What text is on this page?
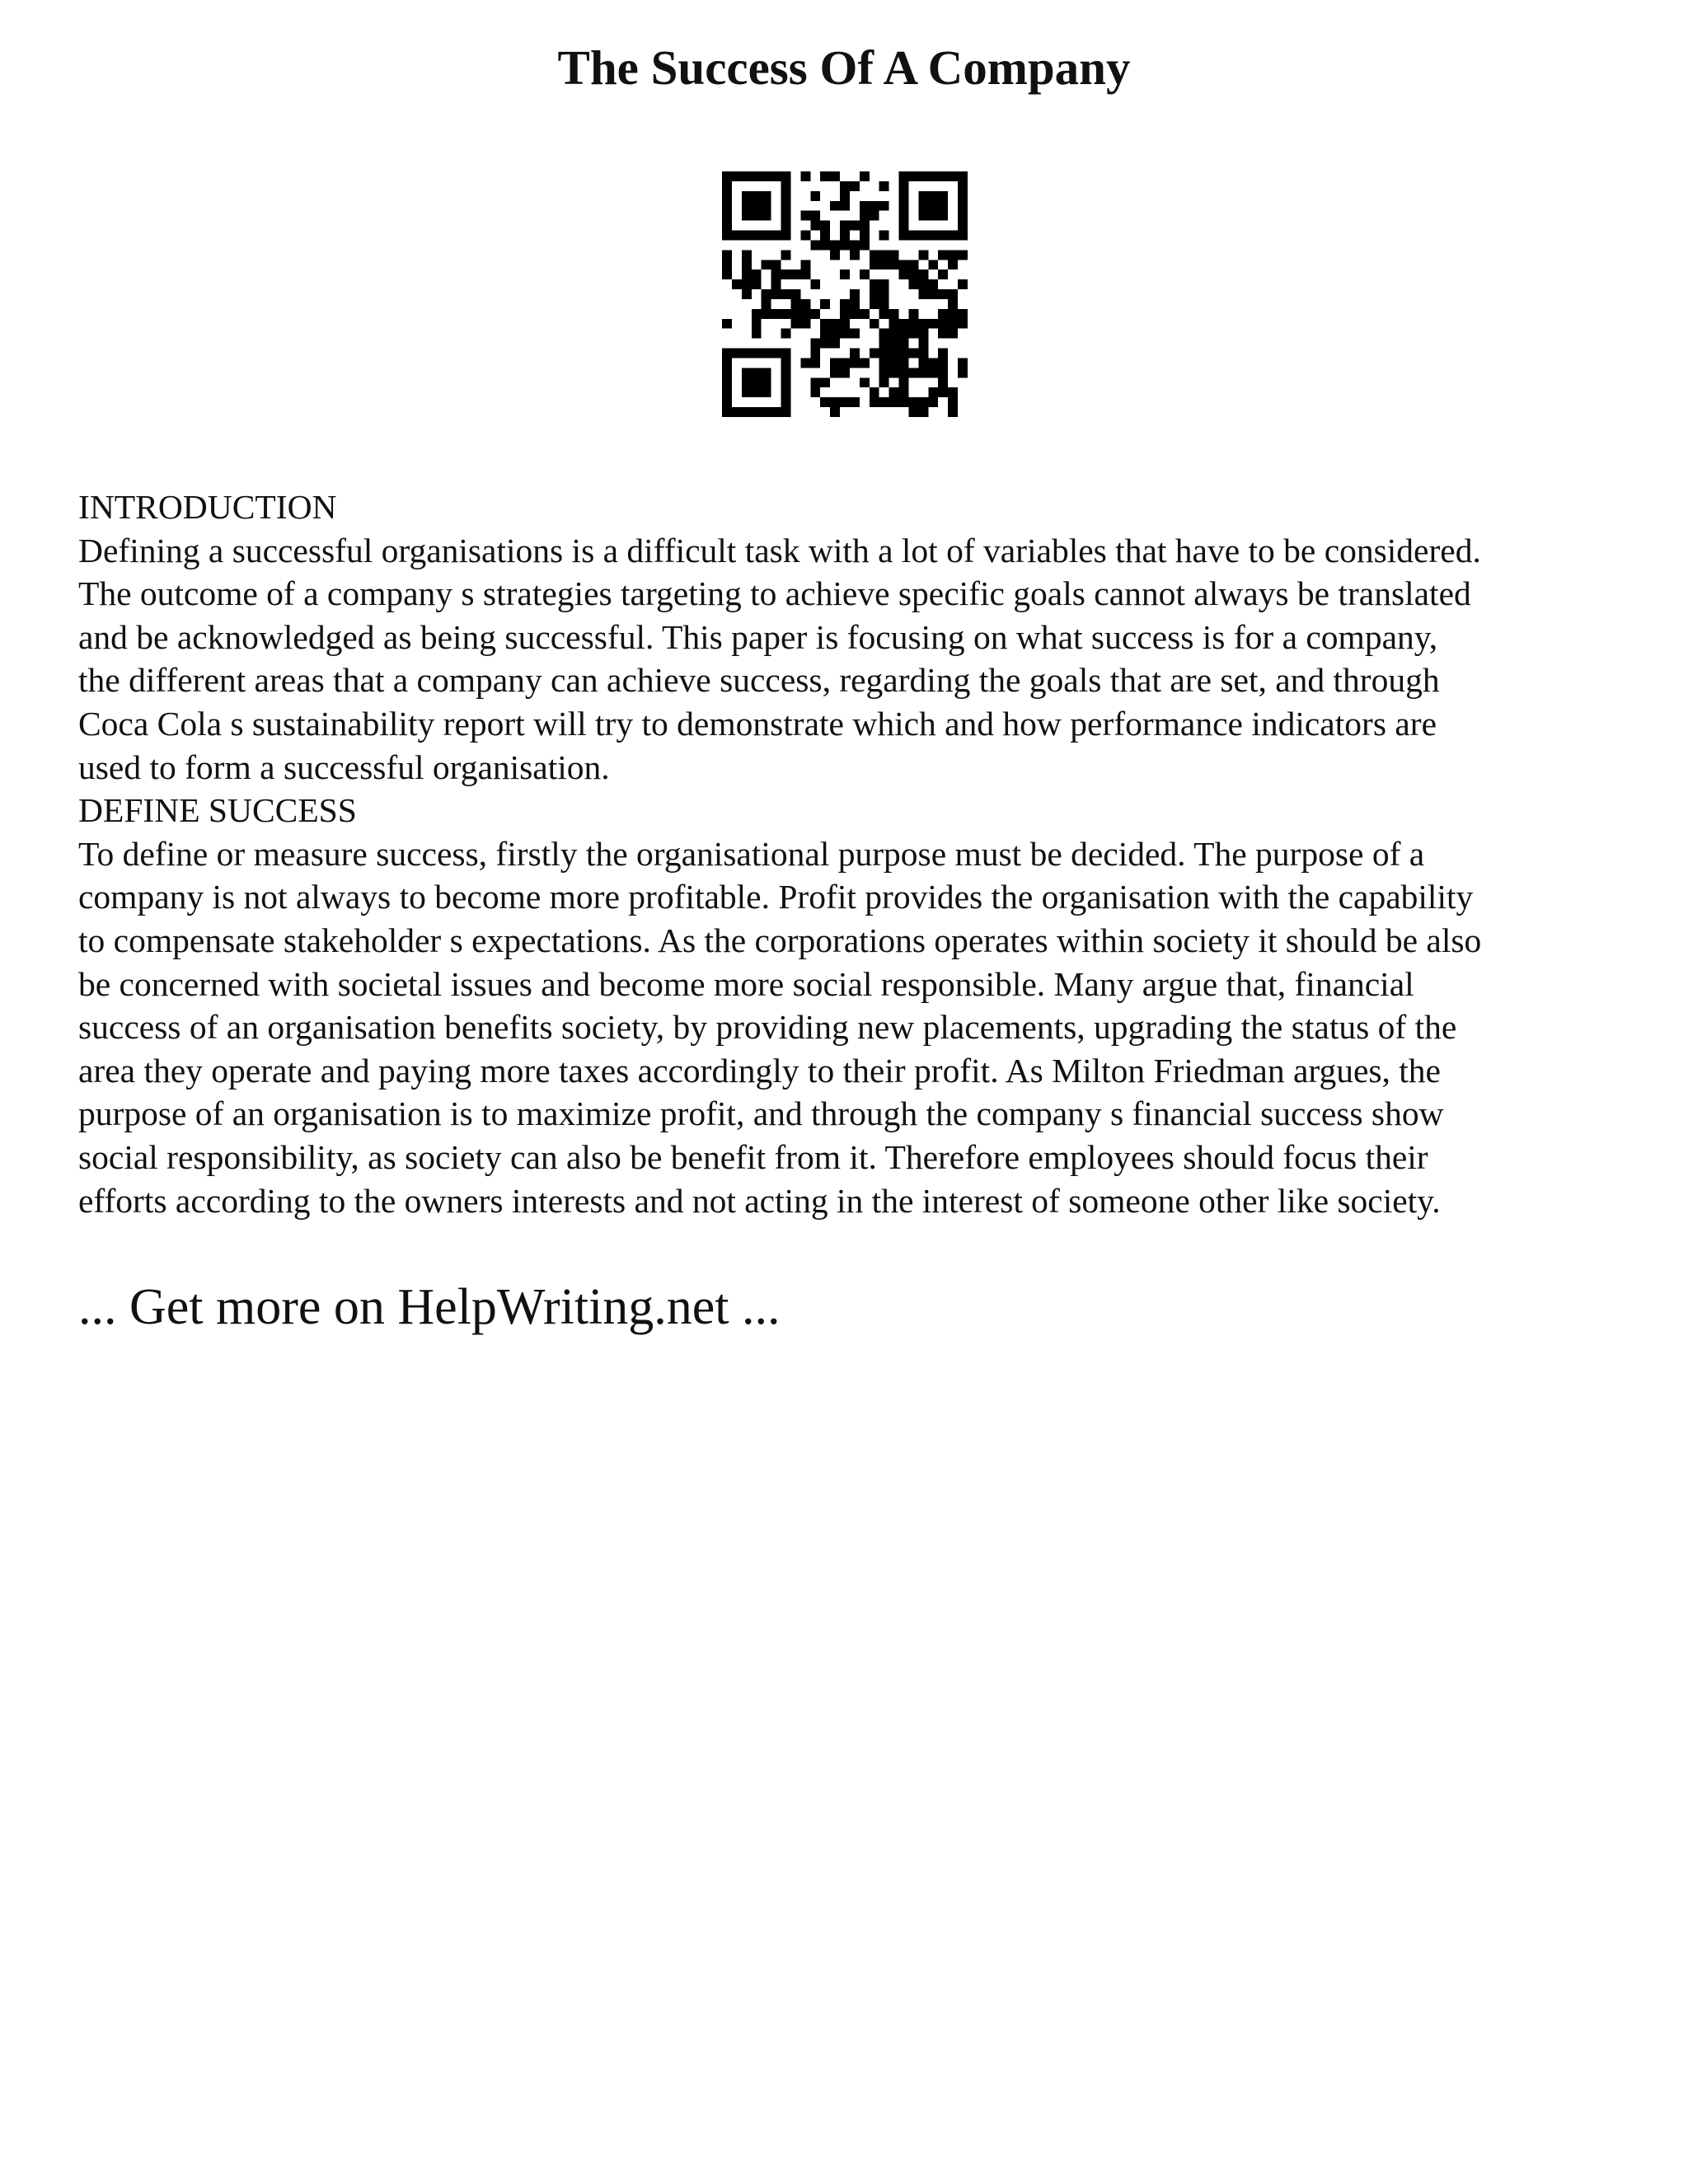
The Success Of A Company
INTRODUCTION
Defining a successful organisations is a difficult task with a lot of variables that have to be considered.
The outcome of a company s strategies targeting to achieve specific goals cannot always be translated
and be acknowledged as being successful. This paper is focusing on what success is for a company,
the different areas that a company can achieve success, regarding the goals that are set, and through
Coca Cola s sustainability report will try to demonstrate which and how performance indicators are
used to form a successful organisation.
DEFINE SUCCESS
To define or measure success, firstly the organisational purpose must be decided. The purpose of a
company is not always to become more profitable. Profit provides the organisation with the capability
to compensate stakeholder s expectations. As the corporations operates within society it should be also
be concerned with societal issues and become more social responsible. Many argue that, financial
success of an organisation benefits society, by providing new placements, upgrading the status of the
area they operate and paying more taxes accordingly to their profit. As Milton Friedman argues, the
purpose of an organisation is to maximize profit, and through the company s financial success show
social responsibility, as society can also be benefit from it. Therefore employees should focus their
efforts according to the owners interests and not acting in the interest of someone other like society.
... Get more on HelpWriting.net ...
